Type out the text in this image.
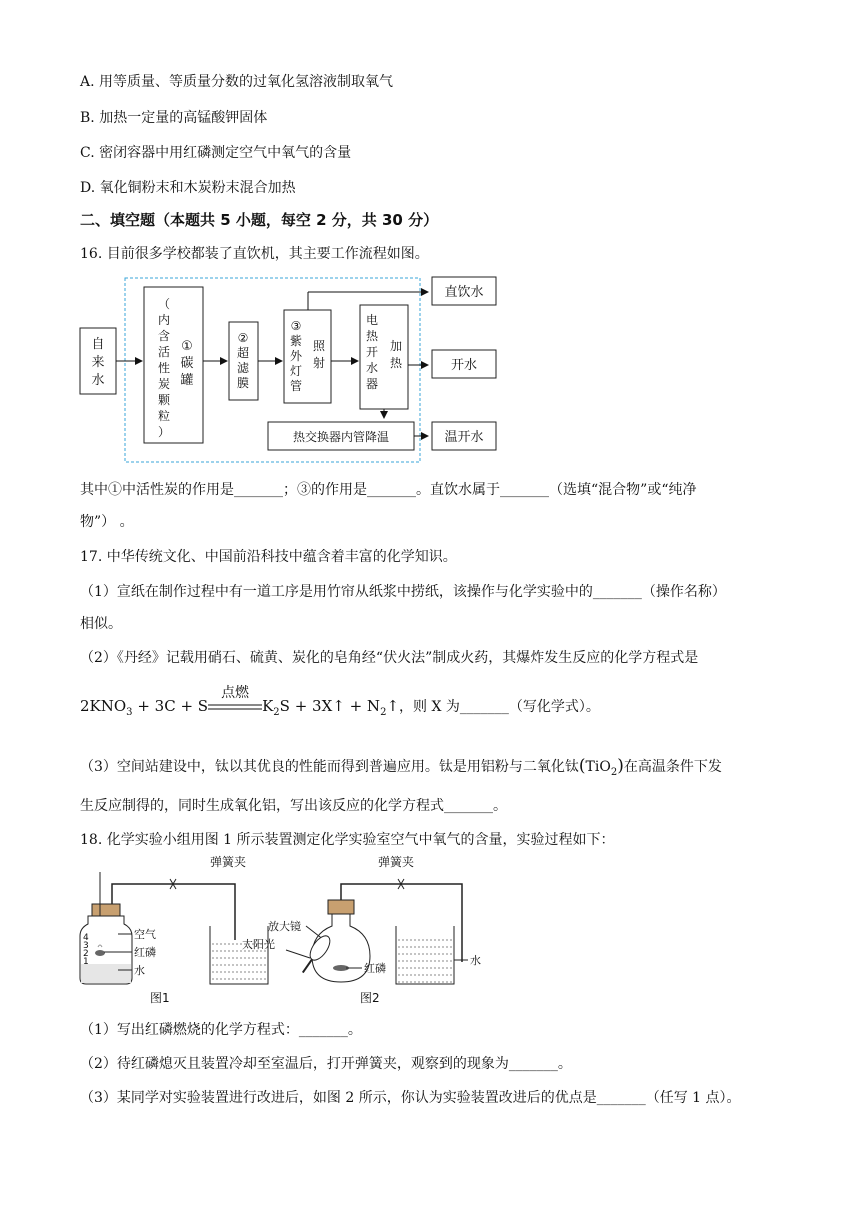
A. 用等质量、等质量分数的过氧化氢溶液制取氧气
B. 加热一定量的高锰酸钾固体
C. 密闭容器中用红磷测定空气中氧气的含量
D. 氧化铜粉末和木炭粉末混合加热
二、填空题（本题共 5 小题，每空 2 分，共 30 分）
16. 目前很多学校都装了直饮机，其主要工作流程如图。
自
来
水
（
内
含
活
性
炭
颗
粒
）
①
碳
罐
②
超
滤
膜
③
紫
外
灯
管
照
射
电
热
开
水
器
加
热
热交换器内管降温
直饮水
开水
温开水
其中①中活性炭的作用是_______；③的作用是_______。直饮水属于_______（选填“混合物”或“纯净
物”） 。
17. 中华传统文化、中国前沿科技中蕴含着丰富的化学知识。
（1）宣纸在制作过程中有一道工序是用竹帘从纸浆中捞纸，该操作与化学实验中的_______（操作名称）
相似。
（2）《丹经》记载用硝石、硫黄、炭化的皂角经“伏火法”制成火药，其爆炸发生反应的化学方程式是
$2KNO_3 + 3C + S$
点燃
$K_2S$ + 3X↑ + $N_2↑$，则 X 为_______（写化学式）。
（3）空间站建设中，钛以其优良的性能而得到普遍应用。钛是用铝粉与二氧化钛(TiO$_2$)在高温条件下发
生反应制得的，同时生成氧化铝，写出该反应的化学方程式_______。
18. 化学实验小组用图 1 所示装置测定化学实验室空气中氧气的含量，实验过程如下：
弹簧夹
4
3
2
1
空气
红磷
水
图1
弹簧夹
放大镜
太阳光
红磷
水
图2
（1）写出红磷燃烧的化学方程式：_______。
（2）待红磷熄灭且装置冷却至室温后，打开弹簧夹，观察到的现象为_______。
（3）某同学对实验装置进行改进后，如图 2 所示，你认为实验装置改进后的优点是_______（任写 1 点）。
